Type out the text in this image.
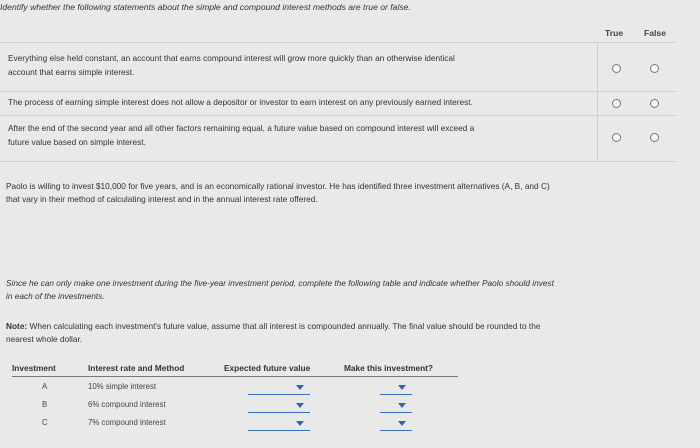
Identify whether the following statements about the simple and compound interest methods are true or false.
True False
Everything else held constant, an account that earns compound interest will grow more quickly than an otherwise identical
account that earns simple interest.
The process of earning simple interest does not allow a depositor or investor to earn interest on any previously earned interest.
After the end of the second year and all other factors remaining equal, a future value based on compound interest will exceed a
future value based on simple interest.
Paolo is willing to invest $10,000 for five years, and is an economically rational investor. He has identified three investment alternatives (A, B, and C)
that vary in their method of calculating interest and in the annual interest rate offered.
Since he can only make one investment during the five-year investment period, complete the following table and indicate whether Paolo should invest
in each of the investments.
Note: When calculating each investment's future value, assume that all interest is compounded annually. The final value should be rounded to the
nearest whole dollar.
Investment	Interest rate and Method	Expected future value	Make this investment?
A	10% simple interest
B	6% compound interest
C	7% compound interest
